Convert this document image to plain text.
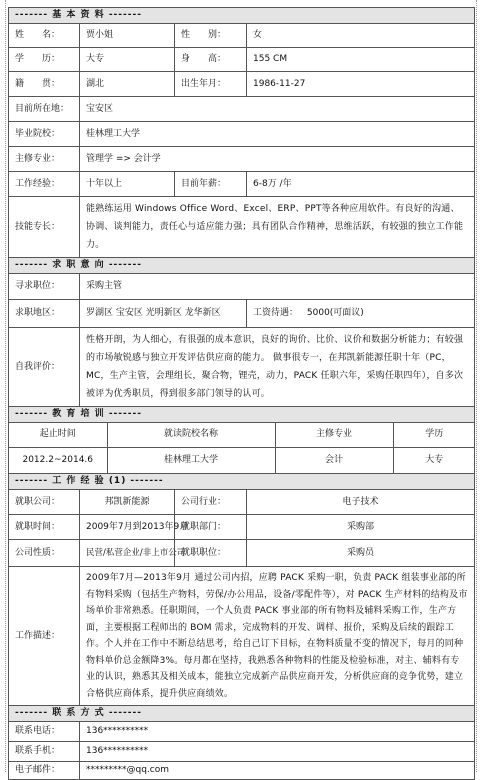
------- 基 本 资 料 -------
姓　　名：	贾小姐	性　　别：	女
学　　历：	大专	身　　高：	155 CM
籍　　贯：	湖北	出生年月：	1986-11-27
目前所在地：	宝安区
毕业院校：	桂林理工大学
主修专业：	管理学 => 会计学
工作经验：	十年以上	目前年薪：	6-8万 /年
技能专长：	能熟练运用 Windows Office Word、Excel、ERP、PPT等各种应用软件。有良好的沟通、协调、谈判能力，责任心与适应能力强；具有团队合作精神，思维活跃，有较强的独立工作能力。
------- 求 职 意 向 -------
寻求职位：	采购主管
求职地区：	罗湖区 宝安区 光明新区 龙华新区	工资待遇： 5000(可面议)
自我评价：	性格开朗，为人细心，有很强的成本意识，良好的询价、比价、议价和数据分析能力；有较强的市场敏锐感与独立开发评估供应商的能力。 做事很专一，在邦凯新能源任职十年（PC，MC，生产主管，会理组长，聚合物，锂壳，动力，PACK 任职六年，采购任职四年），自多次被评为优秀职员，得到很多部门领导的认可。
------- 教 育 培 训 -------

起止时间	就读院校名称	主修专业	学历
2012.2~2014.6	桂林理工大学	会计	大专

------- 工 作 经 验 (1) -------
就职公司：	邦凯新能源	公司行业：	电子技术
就职时间：	2009年7月到2013年9月	就职部门：	采购部
公司性质：	民营/私营企业/非上市公司	就职职位：	采购员
工作描述：	2009年7月—2013年9月 通过公司内招，应聘 PACK 采购一职，负责 PACK 组装事业部的所有物料采购（包括生产物料，劳保/办公用品，设备/零配件等），对 PACK 生产材料的结构及市场单价非常熟悉。任职期间，一个人负责 PACK 事业部的所有物料及辅料采购工作，生产方面，主要根据工程师出的 BOM 需求，完成物料的开发、调样、报价，采购及后续的跟踪工作。个人并在工作中不断总结思考，给自己订下目标，在物料质量不变的情况下，每月的同种物料单价总金额降3%。每月都在坚持，我熟悉各种物料的性能及检验标准，对主、辅料有专业的认识，熟悉其及相关成本，能独立完成新产品供应商开发，分析供应商的竞争优势，建立合格供应商体系，提升供应商绩效。
------- 联 系 方 式 -------
联系电话：	136**********
联系手机：	136**********
电子邮件：	*********@qq.com
